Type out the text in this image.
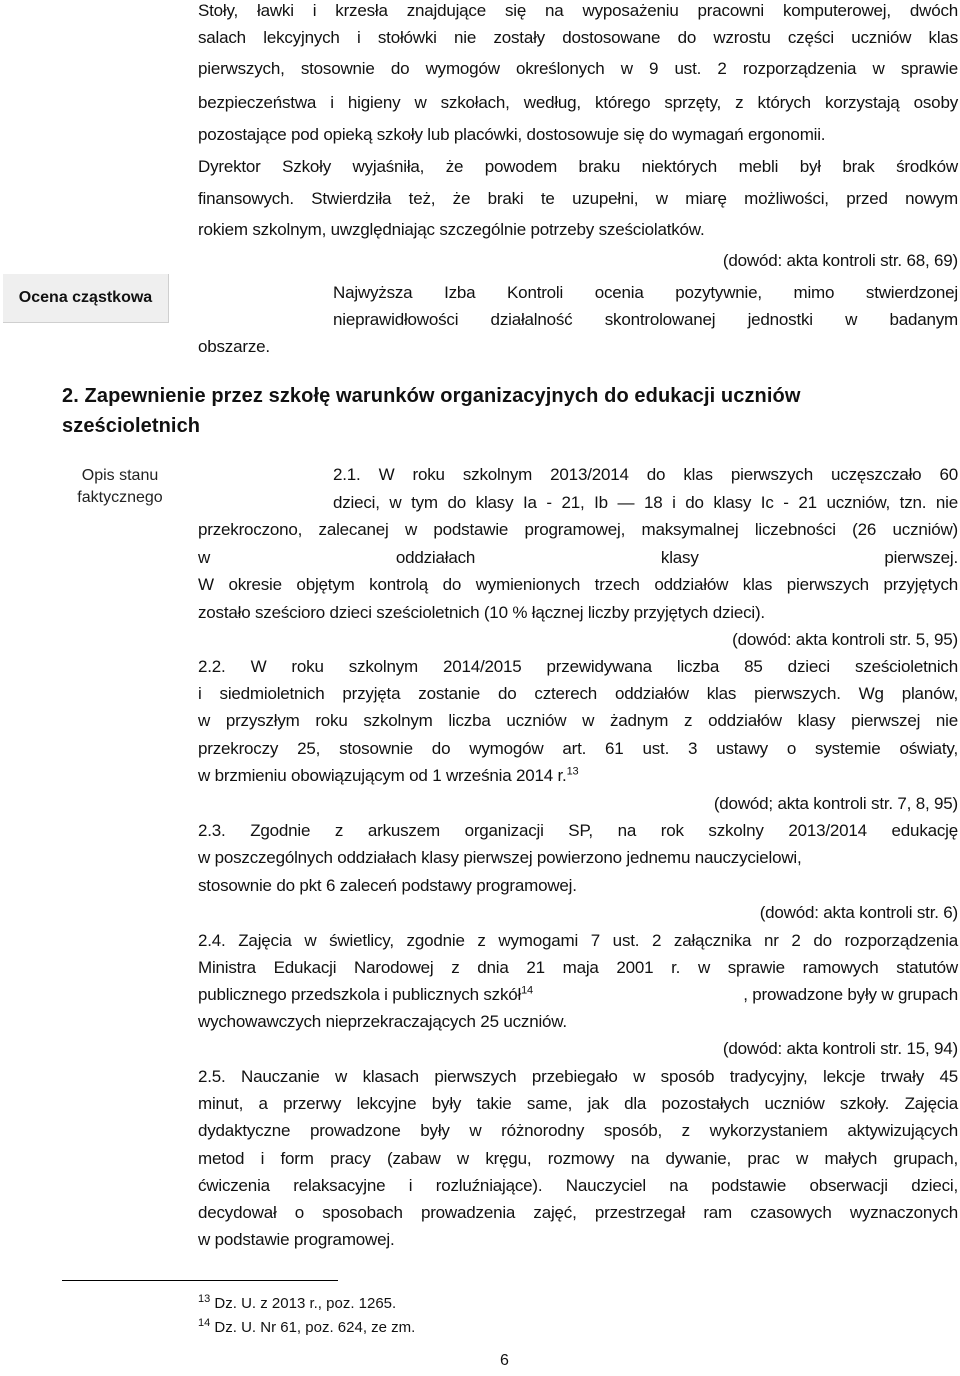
Stoły, ławki i krzesła znajdujące się na wyposażeniu pracowni komputerowej, dwóch
salach lekcyjnych i stołówki nie zostały dostosowane do wzrostu części uczniów klas
pierwszych, stosownie do wymogów określonych w 9 ust. 2 rozporządzenia w sprawie
bezpieczeństwa i higieny w szkołach, według, którego sprzęty, z których korzystają osoby
pozostające pod opieką szkoły lub placówki, dostosowuje się do wymagań ergonomii.
Dyrektor Szkoły wyjaśniła, że powodem braku niektórych mebli był brak środków
finansowych. Stwierdziła też, że braki te uzupełni, w miarę możliwości, przed nowym
rokiem szkolnym, uwzględniając szczególnie potrzeby sześciolatków.
(dowód: akta kontroli str. 68, 69)
Ocena cząstkowa	Najwyższa Izba Kontroli ocenia pozytywnie, mimo stwierdzonej
nieprawidłowości działalność skontrolowanej jednostki w badanym
obszarze.
2. Zapewnienie przez szkołę warunków organizacyjnych do edukacji uczniów
sześcioletnich
Opis stanu
faktycznego
2.1. W roku szkolnym 2013/2014 do klas pierwszych uczęszczało 60
dzieci, w tym do klasy Ia - 21, Ib — 18 i do klasy Ic - 21 uczniów, tzn. nie
przekroczono, zalecanej w podstawie programowej, maksymalnej liczebności (26 uczniów)
w oddziałach klasy pierwszej.
W okresie objętym kontrolą do wymienionych trzech oddziałów klas pierwszych przyjętych
zostało sześcioro dzieci sześcioletnich (10 % łącznej liczby przyjętych dzieci).
(dowód: akta kontroli str. 5, 95)
2.2. W roku szkolnym 2014/2015 przewidywana liczba 85 dzieci sześcioletnich
i siedmioletnich przyjęta zostanie do czterech oddziałów klas pierwszych. Wg planów,
w przyszłym roku szkolnym liczba uczniów w żadnym z oddziałów klasy pierwszej nie
przekroczy 25, stosownie do wymogów art. 61 ust. 3 ustawy o systemie oświaty,
w brzmieniu obowiązującym od 1 września 2014 r.$^{13}$
(dowód; akta kontroli str. 7, 8, 95)
2.3. Zgodnie z arkuszem organizacji SP, na rok szkolny 2013/2014 edukację
w poszczególnych oddziałach klasy pierwszej powierzono jednemu nauczycielowi,
stosownie do pkt 6 zaleceń podstawy programowej.
(dowód: akta kontroli str. 6)
2.4. Zajęcia w świetlicy, zgodnie z wymogami 7 ust. 2 załącznika nr 2 do rozporządzenia
Ministra Edukacji Narodowej z dnia 21 maja 2001 r. w sprawie ramowych statutów
publicznego przedszkola i publicznych szkół$^{14}$	, prowadzone były w grupach
wychowawczych nieprzekraczających 25 uczniów.
(dowód: akta kontroli str. 15, 94)
2.5. Nauczanie w klasach pierwszych przebiegało w sposób tradycyjny, lekcje trwały 45
minut, a przerwy lekcyjne były takie same, jak dla pozostałych uczniów szkoły. Zajęcia
dydaktyczne prowadzone były w różnorodny sposób, z wykorzystaniem aktywizujących
metod i form pracy (zabaw w kręgu, rozmowy na dywanie, prac w małych grupach,
ćwiczenia relaksacyjne i rozluźniające). Nauczyciel na podstawie obserwacji dzieci,
decydował o sposobach prowadzenia zajęć, przestrzegał ram czasowych wyznaczonych
w podstawie programowej.
$^{13}$ Dz. U. z 2013 r., poz. 1265.
$^{14}$ Dz. U. Nr 61, poz. 624, ze zm.
6
